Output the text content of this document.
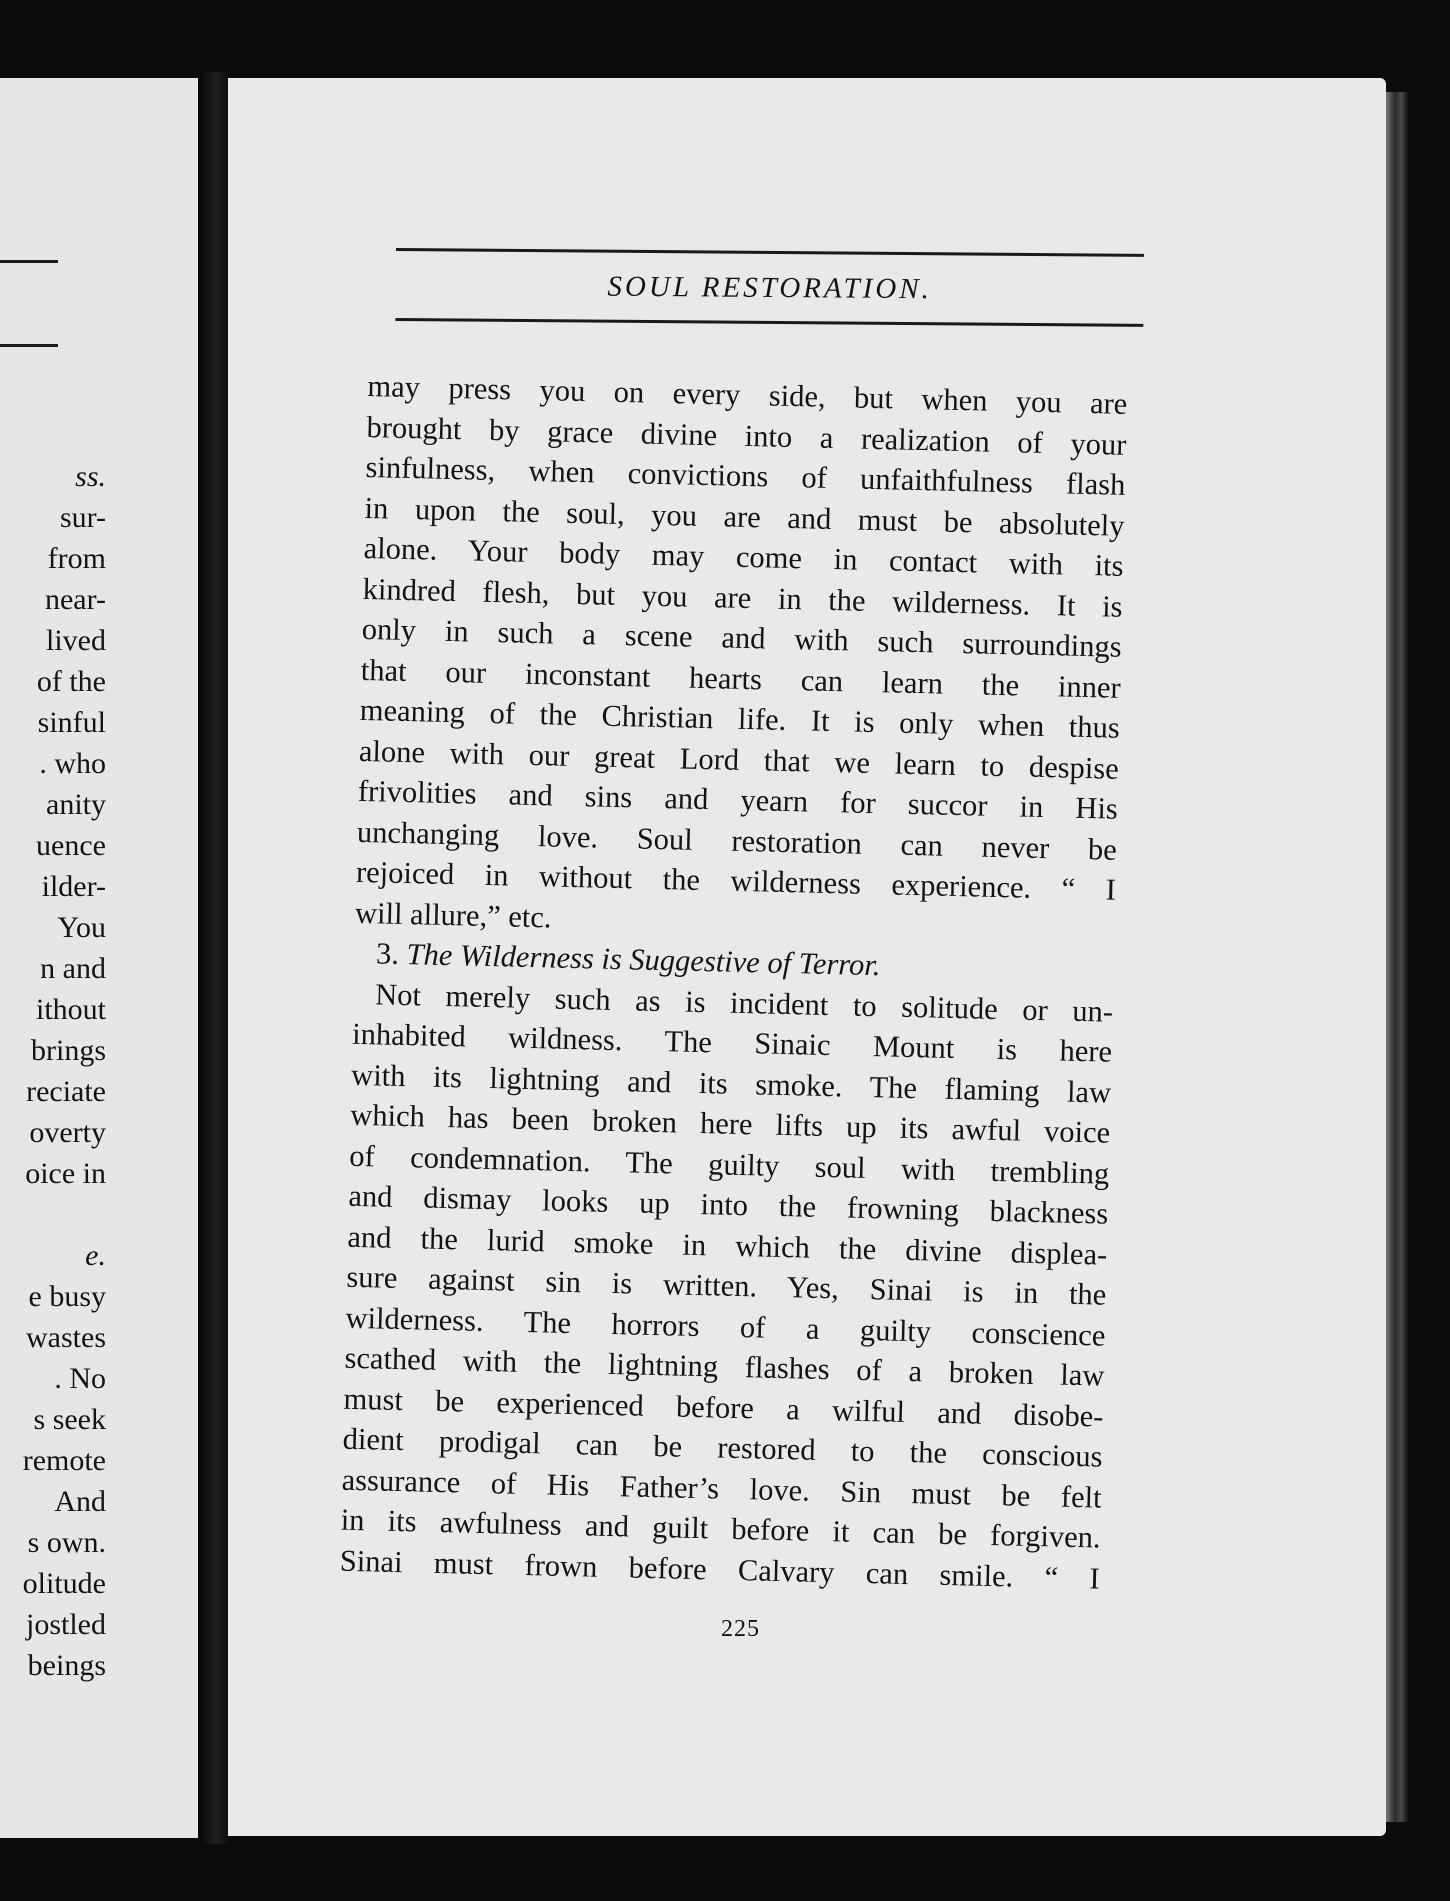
ss.
sur-
from
near-
lived
of the
sinful
. who
anity
uence
ilder-
You
n and
ithout
brings
reciate
overty
oice in

e.
e busy
wastes
. No
s seek
remote
And
s own.
olitude
jostled
beings
SOUL RESTORATION.
may press you on every side, but when you are
brought by grace divine into a realization of your
sinfulness, when convictions of unfaithfulness flash
in upon the soul, you are and must be absolutely
alone. Your body may come in contact with its
kindred flesh, but you are in the wilderness. It is
only in such a scene and with such surroundings
that our inconstant hearts can learn the inner
meaning of the Christian life. It is only when thus
alone with our great Lord that we learn to despise
frivolities and sins and yearn for succor in His
unchanging love. Soul restoration can never be
rejoiced in without the wilderness experience. “ I
will allure,” etc.
3. The Wilderness is Suggestive of Terror.
Not merely such as is incident to solitude or un-
inhabited wildness. The Sinaic Mount is here
with its lightning and its smoke. The flaming law
which has been broken here lifts up its awful voice
of condemnation. The guilty soul with trembling
and dismay looks up into the frowning blackness
and the lurid smoke in which the divine displea-
sure against sin is written. Yes, Sinai is in the
wilderness. The horrors of a guilty conscience
scathed with the lightning flashes of a broken law
must be experienced before a wilful and disobe-
dient prodigal can be restored to the conscious
assurance of His Father’s love. Sin must be felt
in its awfulness and guilt before it can be forgiven.
Sinai must frown before Calvary can smile. “ I
225
